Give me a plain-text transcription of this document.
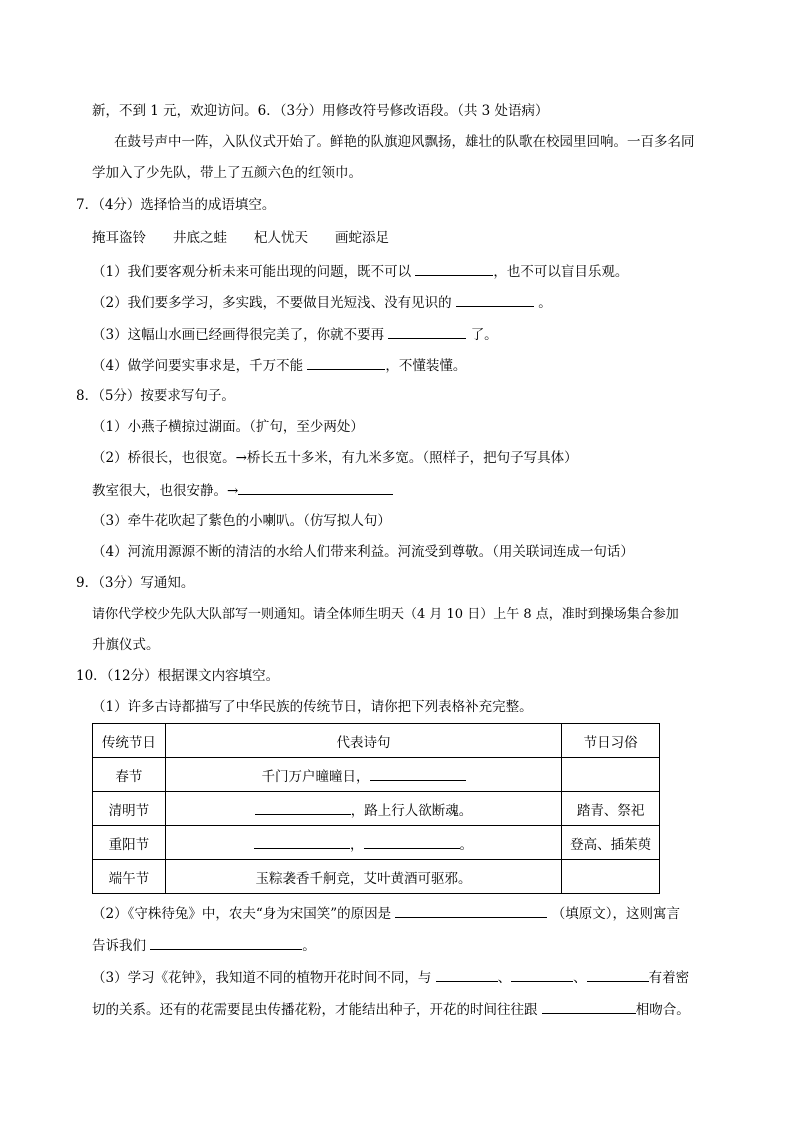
新，不到 1 元，欢迎访问。6．（3分）用修改符号修改语段。（共 3 处语病）
在鼓号声中一阵，入队仪式开始了。鲜艳的队旗迎风飘扬，雄壮的队歌在校园里回响。一百多名同
学加入了少先队，带上了五颜六色的红领巾。
7．（4分）选择恰当的成语填空。
掩耳盗铃　　井底之蛙　　杞人忧天　　画蛇添足
（1）我们要客观分析未来可能出现的问题，既不可以	，也不可以盲目乐观。
（2）我们要多学习，多实践，不要做目光短浅、没有见识的	。
（3）这幅山水画已经画得很完美了，你就不要再	了。
（4）做学问要实事求是，千万不能	，不懂装懂。
8．（5分）按要求写句子。
（1）小燕子横掠过湖面。（扩句，至少两处）
（2）桥很长，也很宽。→桥长五十多米，有九米多宽。（照样子，把句子写具体）
教室很大，也很安静。→
（3）牵牛花吹起了紫色的小喇叭。（仿写拟人句）
（4）河流用源源不断的清洁的水给人们带来利益。河流受到尊敬。（用关联词连成一句话）
9．（3分）写通知。
请你代学校少先队大队部写一则通知。请全体师生明天（4 月 10 日）上午 8 点，准时到操场集合参加
升旗仪式。
10．（12分）根据课文内容填空。
（1）许多古诗都描写了中华民族的传统节日，请你把下列表格补充完整。
传统节日	代表诗句	节日习俗
春节	千门万户曈曈日，	
清明节	，路上行人欲断魂。	踏青、祭祀
重阳节	， 。	登高、插茱萸
端午节	玉粽袭香千舸竞，艾叶黄酒可驱邪。	
（2）《守株待兔》中，农夫“身为宋国笑”的原因是	（填原文），这则寓言
告诉我们	。
（3）学习《花钟》，我知道不同的植物开花时间不同，与	、	、	有着密
切的关系。还有的花需要昆虫传播花粉，才能结出种子，开花的时间往往跟	相吻合。
